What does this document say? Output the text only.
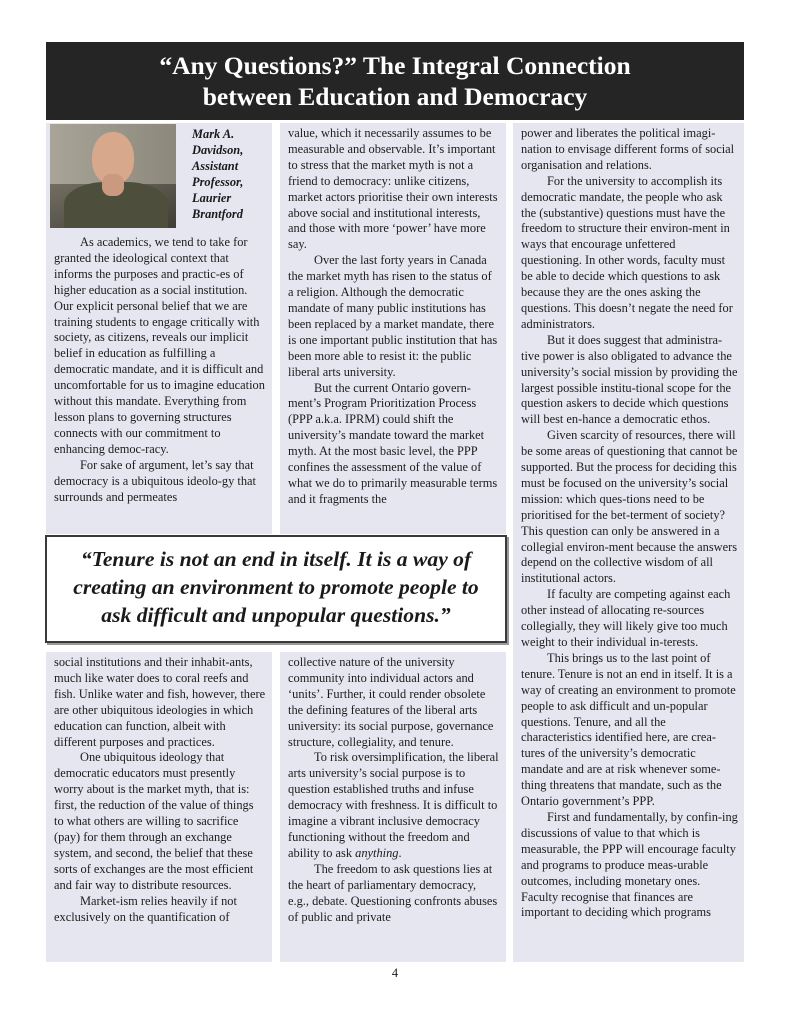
“Any Questions?” The Integral Connection
between Education and Democracy

As academics, we tend to take for granted the ideological context that informs the purposes and practic-es of higher education as a social institution. Our explicit personal belief that we are training students to engage critically with society, as citizens, reveals our implicit belief in education as fulfilling a democratic mandate, and it is difficult and uncomfortable for us to imagine education without this mandate. Everything from lesson plans to governing structures connects with our commitment to enhancing democ-racy.

For sake of argument, let’s say that democracy is a ubiquitous ideolo-gy that surrounds and permeates

Mark A.
Davidson,
Assistant
Professor,
Laurier
Brantford

value, which it necessarily assumes to be measurable and observable. It’s important to stress that the market myth is not a friend to democracy: unlike citizens, market actors prioritise their own interests above social and institutional interests, and those with more ‘power’ have more say.

Over the last forty years in Canada the market myth has risen to the status of a religion. Although the democratic mandate of many public institutions has been replaced by a market mandate, there is one important public institution that has been more able to resist it: the public liberal arts university.

But the current Ontario govern-ment’s Program Prioritization Process (PPP a.k.a. IPRM) could shift the university’s mandate toward the market myth. At the most basic level, the PPP confines the assessment of the value of what we do to primarily measurable terms and it fragments the

power and liberates the political imagi-nation to envisage different forms of social organisation and relations.

For the university to accomplish its democratic mandate, the people who ask the (substantive) questions must have the freedom to structure their environ-ment in ways that encourage unfettered questioning. In other words, faculty must be able to decide which questions to ask because they are the ones asking the questions. This doesn’t negate the need for administrators.

But it does suggest that administra-tive power is also obligated to advance the university’s social mission by providing the largest possible institu-tional scope for the question askers to decide which questions will best en-hance a democratic ethos.

Given scarcity of resources, there will be some areas of questioning that cannot be supported. But the process for deciding this must be focused on the university’s social mission: which ques-tions need to be prioritised for the bet-terment of society? This question can only be answered in a collegial environ-ment because the answers depend on the collective wisdom of all institutional actors.

If faculty are competing against each other instead of allocating re-sources collegially, they will likely give too much weight to their individual in-terests.

This brings us to the last point of tenure. Tenure is not an end in itself. It is a way of creating an environment to promote people to ask difficult and un-popular questions. Tenure, and all the characteristics identified here, are crea-tures of the university’s democratic mandate and are at risk whenever some-thing threatens that mandate, such as the Ontario government’s PPP.

First and fundamentally, by confin-ing discussions of value to that which is measurable, the PPP will encourage faculty and programs to produce meas-urable outcomes, including monetary ones. Faculty recognise that finances are important to deciding which programs

“Tenure is not an end in itself. It is a way of
creating an environment to promote people to
ask difficult and unpopular questions.”

social institutions and their inhabit-ants, much like water does to coral reefs and fish. Unlike water and fish, however, there are other ubiquitous ideologies in which education can function, albeit with different purposes and practices.

One ubiquitous ideology that democratic educators must presently worry about is the market myth, that is: first, the reduction of the value of things to what others are willing to sacrifice (pay) for them through an exchange system, and second, the belief that these sorts of exchanges are the most efficient and fair way to distribute resources.

Market-ism relies heavily if not exclusively on the quantification of

collective nature of the university community into individual actors and ‘units’. Further, it could render obsolete the defining features of the liberal arts university: its social purpose, governance structure, collegiality, and tenure.

To risk oversimplification, the liberal arts university’s social purpose is to question established truths and infuse democracy with freshness. It is difficult to imagine a vibrant inclusive democracy functioning without the freedom and ability to ask anything.

The freedom to ask questions lies at the heart of parliamentary democracy, e.g., debate. Questioning confronts abuses of public and private

4
